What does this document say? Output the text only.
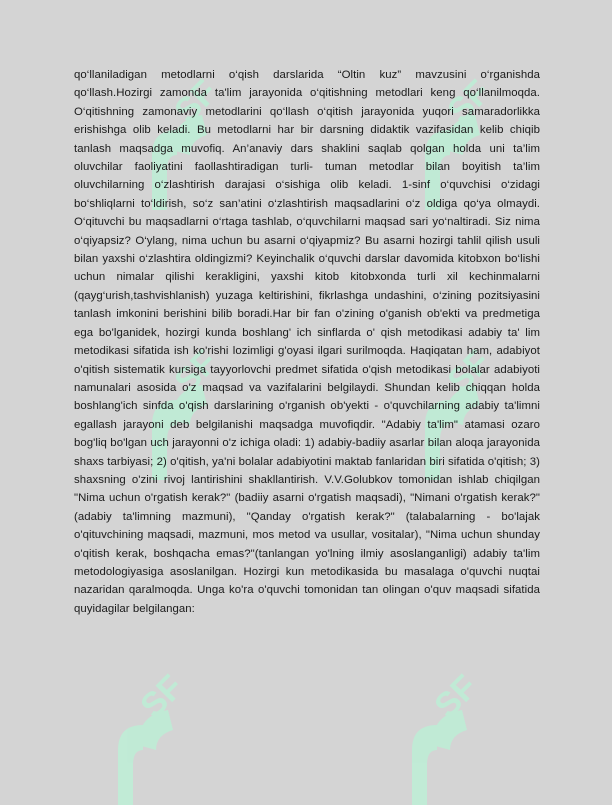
SF	SF
SF	SF
SF	SF

qo‘llaniladigan metodlarni o‘qish darslarida “Oltin kuz” mavzusini o‘rganishda qo‘llash.Hozirgi zamonda ta'lim jarayonida o‘qitishning metodlari keng qo‘llanilmoqda. O‘qitishning zamonaviy metodlarini qo‘llash o‘qitish jarayonida yuqori samaradorlikka erishishga olib keladi. Bu metodlarni har bir darsning didaktik vazifasidan kelib chiqib tanlash maqsadga muvofiq. An’anaviy dars shaklini saqlab qolgan holda uni ta’lim oluvchilar faoliyatini faollashtiradigan turli- tuman metodlar bilan boyitish ta’lim oluvchilarning o‘zlashtirish darajasi o‘sishiga olib keladi. 1-sinf o‘quvchisi o‘zidagi bo‘shliqlarni to‘ldirish, so‘z san’atini o‘zlashtirish maqsadlarini o‘z oldiga qo‘ya olmaydi. O‘qituvchi bu maqsadlarni o‘rtaga tashlab, o‘quvchilarni maqsad sari yo‘naltiradi. Siz nima o‘qiyapsiz? O‘ylang, nima uchun bu asarni o‘qiyapmiz? Bu asarni hozirgi tahlil qilish usuli bilan yaxshi o‘zlashtira oldingizmi? Keyinchalik o‘quvchi darslar davomida kitobxon bo‘lishi uchun nimalar qilishi kerakligini, yaxshi kitob kitobxonda turli xil kechinmalarni (qayg‘urish,tashvishlanish) yuzaga keltirishini, fikrlashga undashini, o‘zining pozitsiyasini tanlash imkonini berishini bilib boradi.Har bir fan o'zining o'ganish ob'ekti va predmetiga ega bo'lganidek, hozirgi kunda boshlang' ich sinflarda o' qish metodikasi adabiy ta' lim metodikasi sifatida ish ko'rishi lozimligi g'oyasi ilgari surilmoqda. Haqiqatan ham, adabiyot o'qitish sistematik kursiga tayyorlovchi predmet sifatida o'qish metodikasi bolalar adabiyoti namunalari asosida o'z maqsad va vazifalarini belgilaydi. Shundan kelib chiqqan holda boshlang'ich sinfda o'qish darslarining o'rganish ob'yekti - o'quvchilarning adabiy ta'limni egallash jarayoni deb belgilanishi maqsadga muvofiqdir. "Adabiy ta'lim" atamasi ozaro bog'liq bo'lgan uch jarayonni o'z ichiga oladi: 1) adabiy-badiiy asarlar bilan aloqa jarayonida shaxs tarbiyasi; 2) o'qitish, ya'ni bolalar adabiyotini maktab fanlaridan biri sifatida o'qitish; 3) shaxsning o'zini rivoj lantirishini shakllantirish. V.V.Golubkov tomonidan ishlab chiqilgan "Nima uchun o'rgatish kerak?" (badiiy asarni o'rgatish maqsadi), "Nimani o'rgatish kerak?" (adabiy ta'limning mazmuni), "Qanday o'rgatish kerak?" (talabalarning - bo'lajak o'qituvchining maqsadi, mazmuni, mos metod va usullar, vositalar), "Nima uchun shunday o'qitish kerak, boshqacha emas?"(tanlangan yo'lning ilmiy asoslanganligi) adabiy ta'lim metodologiyasiga asoslanilgan. Hozirgi kun metodikasida bu masalaga o'quvchi nuqtai nazaridan qaralmoqda. Unga ko'ra o'quvchi tomonidan tan olingan o'quv maqsadi sifatida quyidagilar belgilangan:
